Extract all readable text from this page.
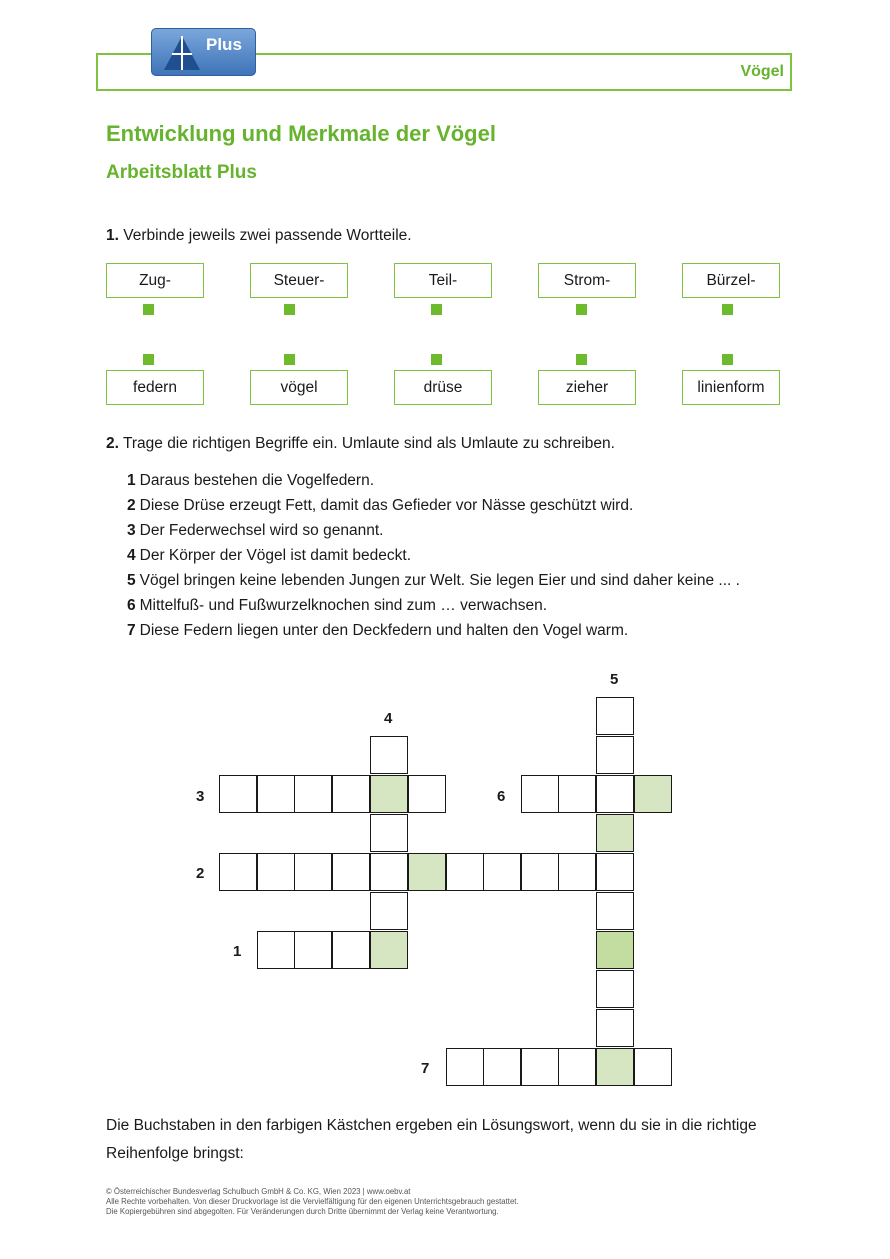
Plus
Vögel
Entwicklung und Merkmale der Vögel
Arbeitsblatt Plus
1. Verbinde jeweils zwei passende Wortteile.
Zug-	Steuer-	Teil-	Strom-	Bürzel-
federn	vögel	drüse	zieher	linienform
2. Trage die richtigen Begriffe ein. Umlaute sind als Umlaute zu schreiben.
1 Daraus bestehen die Vogelfedern.
2 Diese Drüse erzeugt Fett, damit das Gefieder vor Nässe geschützt wird.
3 Der Federwechsel wird so genannt.
4 Der Körper der Vögel ist damit bedeckt.
5 Vögel bringen keine lebenden Jungen zur Welt. Sie legen Eier und sind daher keine ... .
6 Mittelfuß- und Fußwurzelknochen sind zum … verwachsen.
7 Diese Federn liegen unter den Deckfedern und halten den Vogel warm.
5
4
3	6
2
1
7
Die Buchstaben in den farbigen Kästchen ergeben ein Lösungswort, wenn du sie in die richtige Reihenfolge bringst:
© Österreichischer Bundesverlag Schulbuch GmbH & Co. KG, Wien 2023 | www.oebv.at
Alle Rechte vorbehalten. Von dieser Druckvorlage ist die Vervielfältigung für den eigenen Unterrichtsgebrauch gestattet.
Die Kopiergebühren sind abgegolten. Für Veränderungen durch Dritte übernimmt der Verlag keine Verantwortung.
